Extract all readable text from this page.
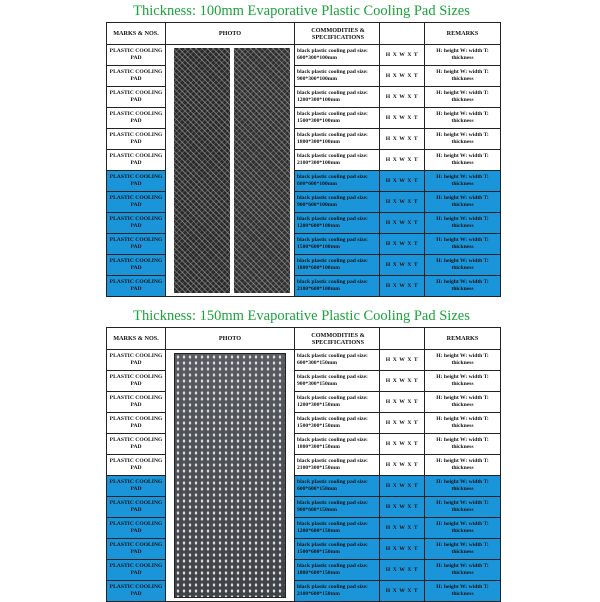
Thickness: 100mm Evaporative Plastic Cooling Pad Sizes
MARKS & NOS.	PHOTO	COMMODITIES & SPECIFICATIONS		REMARKS
PLASTIC COOLING PAD		black plastic cooling pad size: 600*300*100mm	H X W X T	H: height W: width T: thickness
PLASTIC COOLING PAD		black plastic cooling pad size: 900*300*100mm	H X W X T	H: height W: width T: thickness
PLASTIC COOLING PAD		black plastic cooling pad size: 1200*300*100mm	H X W X T	H: height W: width T: thickness
PLASTIC COOLING PAD		black plastic cooling pad size: 1500*300*100mm	H X W X T	H: height W: width T: thickness
PLASTIC COOLING PAD		black plastic cooling pad size: 1800*300*100mm	H X W X T	H: height W: width T: thickness
PLASTIC COOLING PAD		black plastic cooling pad size: 2100*300*100mm	H X W X T	H: height W: width T: thickness
PLASTIC COOLING PAD		black plastic cooling pad size: 600*600*100mm	H X W X T	H: height W: width T: thickness
PLASTIC COOLING PAD		black plastic cooling pad size: 900*600*100mm	H X W X T	H: height W: width T: thickness
PLASTIC COOLING PAD		black plastic cooling pad size: 1200*600*100mm	H X W X T	H: height W: width T: thickness
PLASTIC COOLING PAD		black plastic cooling pad size: 1500*600*100mm	H X W X T	H: height W: width T: thickness
PLASTIC COOLING PAD		black plastic cooling pad size: 1800*600*100mm	H X W X T	H: height W: width T: thickness
PLASTIC COOLING PAD		black plastic cooling pad size: 2100*600*100mm	H X W X T	H: height W: width T: thickness
Thickness: 150mm Evaporative Plastic Cooling Pad Sizes
MARKS & NOS.	PHOTO	COMMODITIES & SPECIFICATIONS		REMARKS
PLASTIC COOLING PAD		black plastic cooling pad size: 600*300*150mm	H X W X T	H: height W: width T: thickness
PLASTIC COOLING PAD		black plastic cooling pad size: 900*300*150mm	H X W X T	H: height W: width T: thickness
PLASTIC COOLING PAD		black plastic cooling pad size: 1200*300*150mm	H X W X T	H: height W: width T: thickness
PLASTIC COOLING PAD		black plastic cooling pad size: 1500*300*150mm	H X W X T	H: height W: width T: thickness
PLASTIC COOLING PAD		black plastic cooling pad size: 1800*300*150mm	H X W X T	H: height W: width T: thickness
PLASTIC COOLING PAD		black plastic cooling pad size: 2100*300*150mm	H X W X T	H: height W: width T: thickness
PLASTIC COOLING PAD		black plastic cooling pad size: 600*600*150mm	H X W X T	H: height W: width T: thickness
PLASTIC COOLING PAD		black plastic cooling pad size: 900*600*150mm	H X W X T	H: height W: width T: thickness
PLASTIC COOLING PAD		black plastic cooling pad size: 1200*600*150mm	H X W X T	H: height W: width T: thickness
PLASTIC COOLING PAD		black plastic cooling pad size: 1500*600*150mm	H X W X T	H: height W: width T: thickness
PLASTIC COOLING PAD		black plastic cooling pad size: 1800*600*150mm	H X W X T	H: height W: width T: thickness
PLASTIC COOLING PAD		black plastic cooling pad size: 2100*600*150mm	H X W X T	H: height W: width T: thickness
